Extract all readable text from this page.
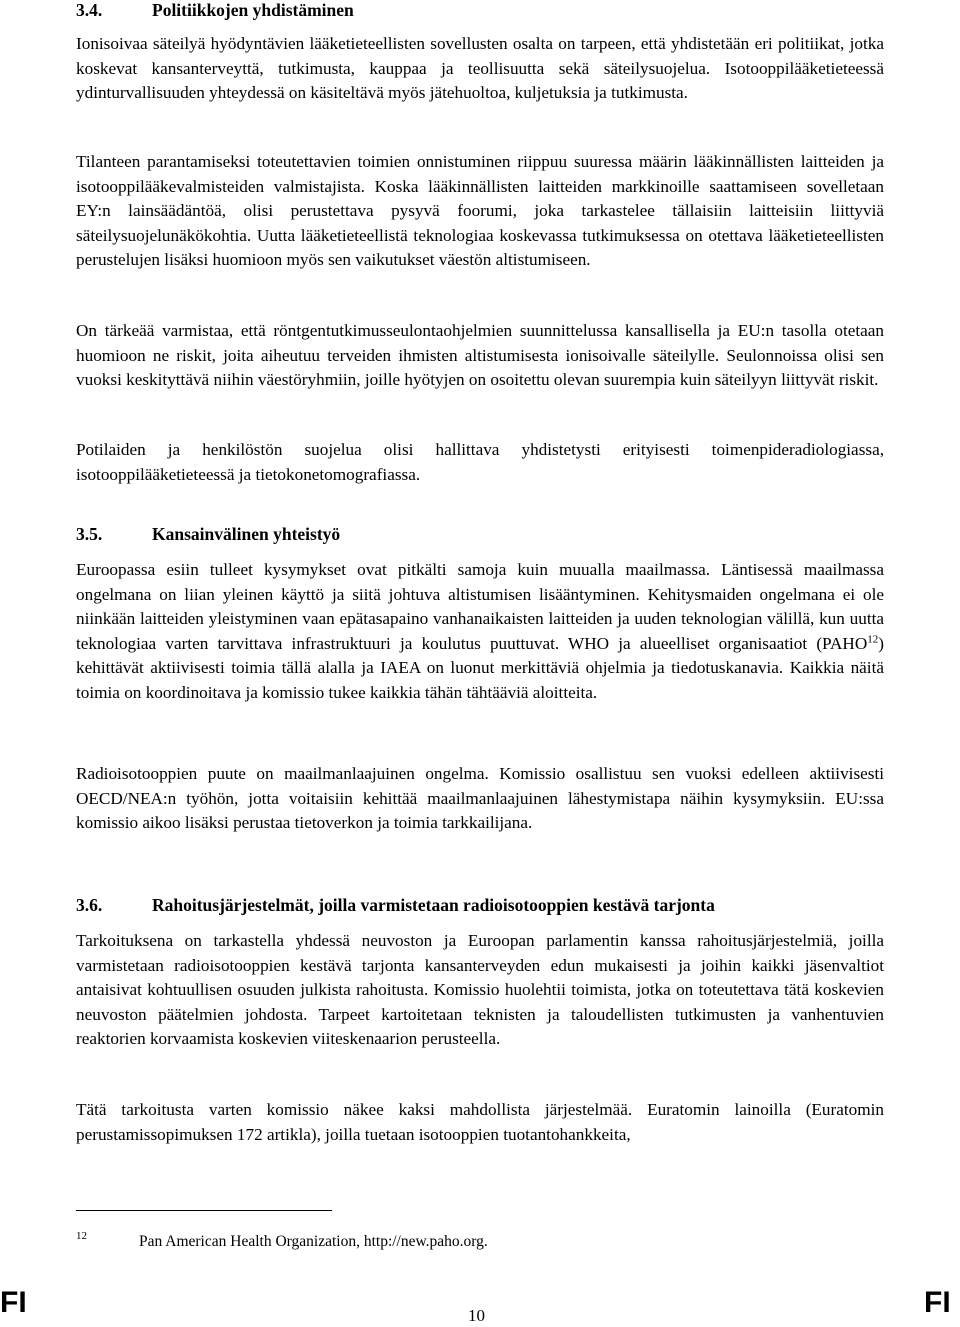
3.4.	Politiikkojen yhdistäminen

Ionisoivaa säteilyä hyödyntävien lääketieteellisten sovellusten osalta on tarpeen, että yhdistetään eri politiikat, jotka koskevat kansanterveyttä, tutkimusta, kauppaa ja teollisuutta sekä säteilysuojelua. Isotooppilääketieteessä ydinturvallisuuden yhteydessä on käsiteltävä myös jätehuoltoa, kuljetuksia ja tutkimusta.

Tilanteen parantamiseksi toteutettavien toimien onnistuminen riippuu suuressa määrin lääkinnällisten laitteiden ja isotooppilääkevalmisteiden valmistajista. Koska lääkinnällisten laitteiden markkinoille saattamiseen sovelletaan EY:n lainsäädäntöä, olisi perustettava pysyvä foorumi, joka tarkastelee tällaisiin laitteisiin liittyviä säteilysuojelunäkökohtia. Uutta lääketieteellistä teknologiaa koskevassa tutkimuksessa on otettava lääketieteellisten perustelujen lisäksi huomioon myös sen vaikutukset väestön altistumiseen.

On tärkeää varmistaa, että röntgentutkimusseulontaohjelmien suunnittelussa kansallisella ja EU:n tasolla otetaan huomioon ne riskit, joita aiheutuu terveiden ihmisten altistumisesta ionisoivalle säteilylle. Seulonnoissa olisi sen vuoksi keskityttävä niihin väestöryhmiin, joille hyötyjen on osoitettu olevan suurempia kuin säteilyyn liittyvät riskit.

Potilaiden ja henkilöstön suojelua olisi hallittava yhdistetysti erityisesti toimenpideradiologiassa, isotooppilääketieteessä ja tietokonetomografiassa.

3.5.	Kansainvälinen yhteistyö

Euroopassa esiin tulleet kysymykset ovat pitkälti samoja kuin muualla maailmassa. Läntisessä maailmassa ongelmana on liian yleinen käyttö ja siitä johtuva altistumisen lisääntyminen. Kehitysmaiden ongelmana ei ole niinkään laitteiden yleistyminen vaan epätasapaino vanhanaikaisten laitteiden ja uuden teknologian välillä, kun uutta teknologiaa varten tarvittava infrastruktuuri ja koulutus puuttuvat. WHO ja alueelliset organisaatiot (PAHO$^{12}$) kehittävät aktiivisesti toimia tällä alalla ja IAEA on luonut merkittäviä ohjelmia ja tiedotuskanavia. Kaikkia näitä toimia on koordinoitava ja komissio tukee kaikkia tähän tähtääviä aloitteita.

Radioisotooppien puute on maailmanlaajuinen ongelma. Komissio osallistuu sen vuoksi edelleen aktiivisesti OECD/NEA:n työhön, jotta voitaisiin kehittää maailmanlaajuinen lähestymistapa näihin kysymyksiin. EU:ssa komissio aikoo lisäksi perustaa tietoverkon ja toimia tarkkailijana.

3.6.	Rahoitusjärjestelmät, joilla varmistetaan radioisotooppien kestävä tarjonta

Tarkoituksena on tarkastella yhdessä neuvoston ja Euroopan parlamentin kanssa rahoitusjärjestelmiä, joilla varmistetaan radioisotooppien kestävä tarjonta kansanterveyden edun mukaisesti ja joihin kaikki jäsenvaltiot antaisivat kohtuullisen osuuden julkista rahoitusta. Komissio huolehtii toimista, jotka on toteutettava tätä koskevien neuvoston päätelmien johdosta. Tarpeet kartoitetaan teknisten ja taloudellisten tutkimusten ja vanhentuvien reaktorien korvaamista koskevien viiteskenaarion perusteella.

Tätä tarkoitusta varten komissio näkee kaksi mahdollista järjestelmää. Euratomin lainoilla (Euratomin perustamissopimuksen 172 artikla), joilla tuetaan isotooppien tuotantohankkeita,

12	Pan American Health Organization, http://new.paho.org.
FI	10	FI
